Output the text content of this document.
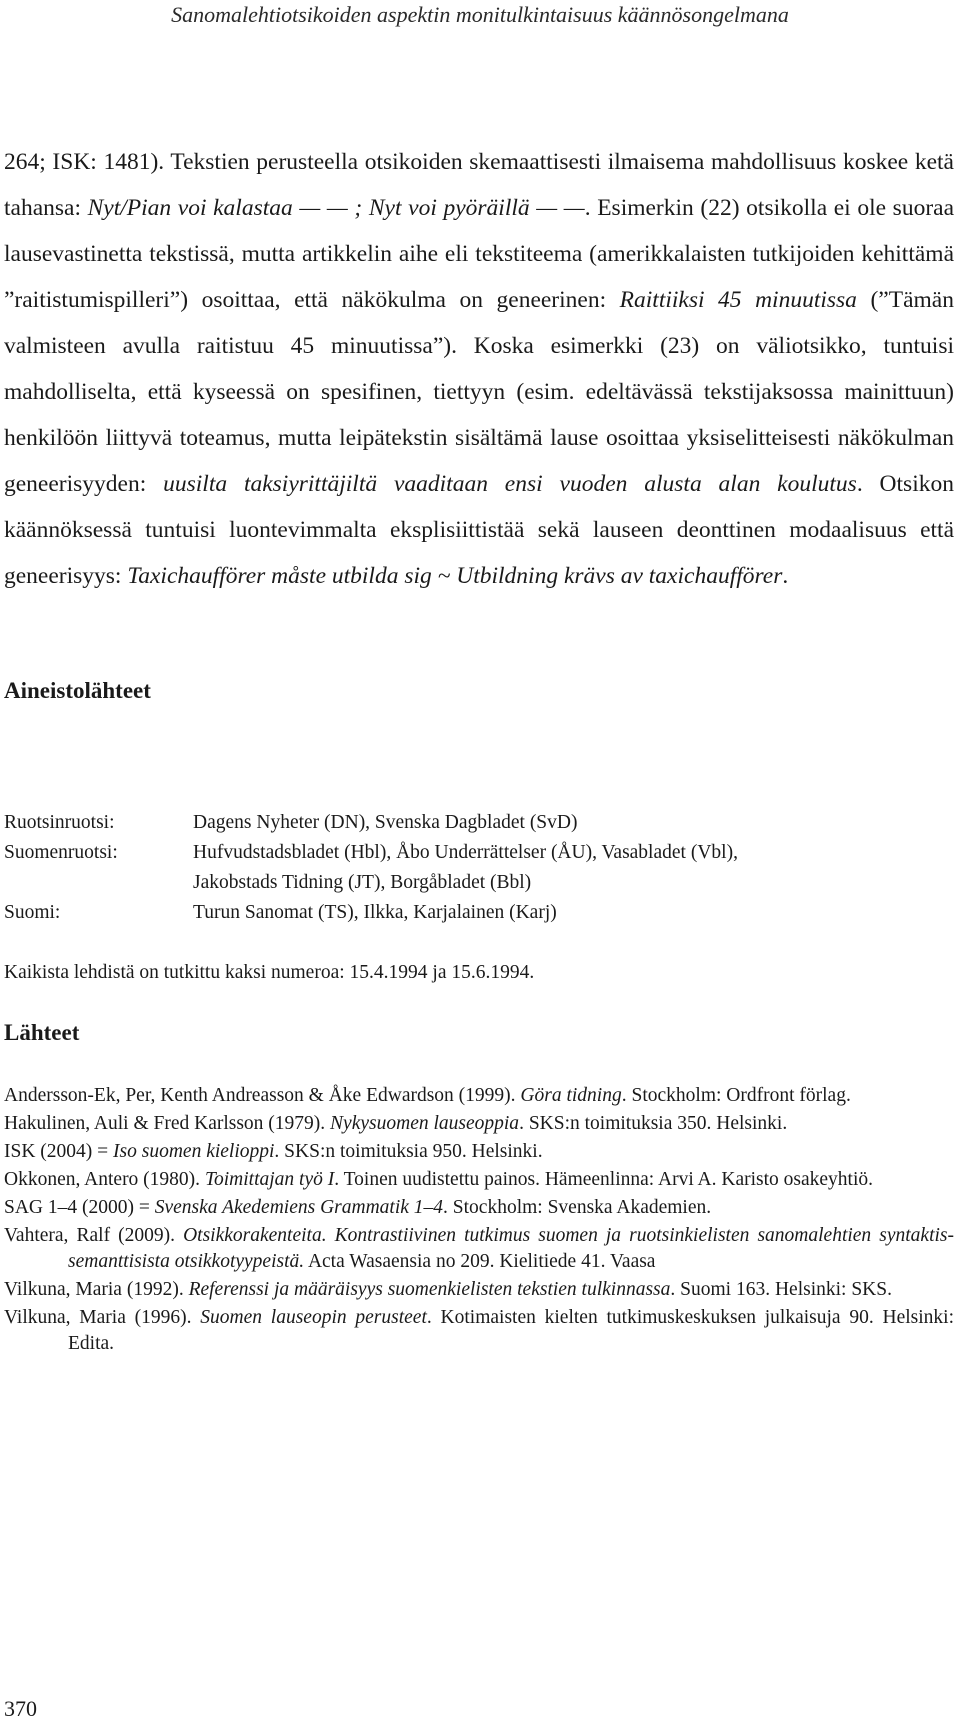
Sanomalehtiotsikoiden aspektin monitulkintaisuus käännösongelmana

264; ISK: 1481). Tekstien perusteella otsikoiden skemaattisesti ilmaisema mahdollisuus koskee ketä tahansa: Nyt/Pian voi kalastaa — — ; Nyt voi pyöräillä — —. Esimerkin (22) otsikolla ei ole suoraa lausevastinetta tekstissä, mutta artikkelin aihe eli tekstiteema (amerikkalaisten tutkijoiden kehittämä ”raitistumispilleri”) osoittaa, että näkökulma on geneerinen: Raittiiksi 45 minuutissa (”Tämän valmisteen avulla raitistuu 45 minuutissa”). Koska esimerkki (23) on väliotsikko, tuntuisi mahdolliselta, että kyseessä on spesifinen, tiettyyn (esim. edeltävässä tekstijaksossa mainittuun) henkilöön liittyvä toteamus, mutta leipätekstin sisältämä lause osoittaa yksiselitteisesti näkökulman geneerisyyden: uusilta taksiyrittäjiltä vaaditaan ensi vuoden alusta alan koulutus. Otsikon käännöksessä tuntuisi luontevimmalta eksplisiittistää sekä lauseen deonttinen modaalisuus että geneerisyys: Taxichaufförer måste utbilda sig ~ Utbildning krävs av taxichaufförer.

Aineistolähteet
Ruotsinruotsi:	Dagens Nyheter (DN), Svenska Dagbladet (SvD)
Suomenruotsi:	Hufvudstadsbladet (Hbl), Åbo Underrättelser (ÅU), Vasabladet (Vbl),
Jakobstads Tidning (JT), Borgåbladet (Bbl)
Suomi:	Turun Sanomat (TS), Ilkka, Karjalainen (Karj)

Kaikista lehdistä on tutkittu kaksi numeroa: 15.4.1994 ja 15.6.1994.

Lähteet

Andersson-Ek, Per, Kenth Andreasson & Åke Edwardson (1999). Göra tidning. Stockholm: Ordfront förlag.

Hakulinen, Auli & Fred Karlsson (1979). Nykysuomen lauseoppia. SKS:n toimituksia 350. Helsinki.

ISK (2004) = Iso suomen kielioppi. SKS:n toimituksia 950. Helsinki.

Okkonen, Antero (1980). Toimittajan työ I. Toinen uudistettu painos. Hämeenlinna: Arvi A. Karisto osakeyhtiö.

SAG 1–4 (2000) = Svenska Akedemiens Grammatik 1–4. Stockholm: Svenska Akademien.

Vahtera, Ralf (2009). Otsikkorakenteita. Kontrastiivinen tutkimus suomen ja ruotsinkielisten sanomalehtien syntaktis-semanttisista otsikkotyypeistä. Acta Wasaensia no 209. Kielitiede 41. Vaasa

Vilkuna, Maria (1992). Referenssi ja määräisyys suomenkielisten tekstien tulkinnassa. Suomi 163. Helsinki: SKS.

Vilkuna, Maria (1996). Suomen lauseopin perusteet. Kotimaisten kielten tutkimuskeskuksen julkaisuja 90. Helsinki: Edita.

370
